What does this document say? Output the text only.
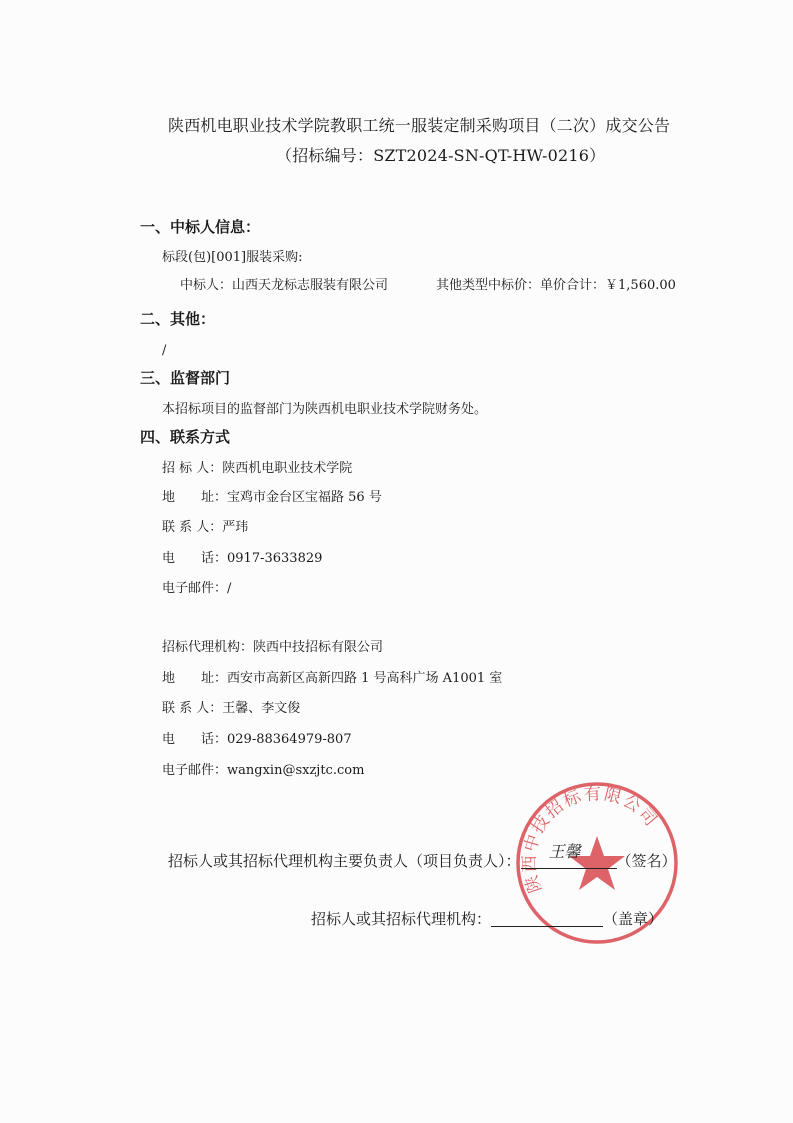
陕西机电职业技术学院教职工统一服装定制采购项目（二次）成交公告
（招标编号：SZT2024-SN-QT-HW-0216）
一、中标人信息：
标段(包)[001]服装采购:
中标人：山西天龙标志服装有限公司	其他类型中标价：单价合计：￥1,560.00
二、其他：
/
三、监督部门
本招标项目的监督部门为陕西机电职业技术学院财务处。
四、联系方式
招 标 人：陕西机电职业技术学院
地　　址：宝鸡市金台区宝福路 56 号
联 系 人：严玮
电　　话：0917-3633829
电子邮件：/
招标代理机构：陕西中技招标有限公司
地　　址：西安市高新区高新四路 1 号高科广场 A1001 室
联 系 人：王馨、李文俊
电　　话：029-88364979-807
电子邮件：wangxin@sxzjtc.com
陕西中技招标有限公司
招标人或其招标代理机构主要负责人（项目负责人）： 王馨 （签名）
招标人或其招标代理机构：	（盖章）
